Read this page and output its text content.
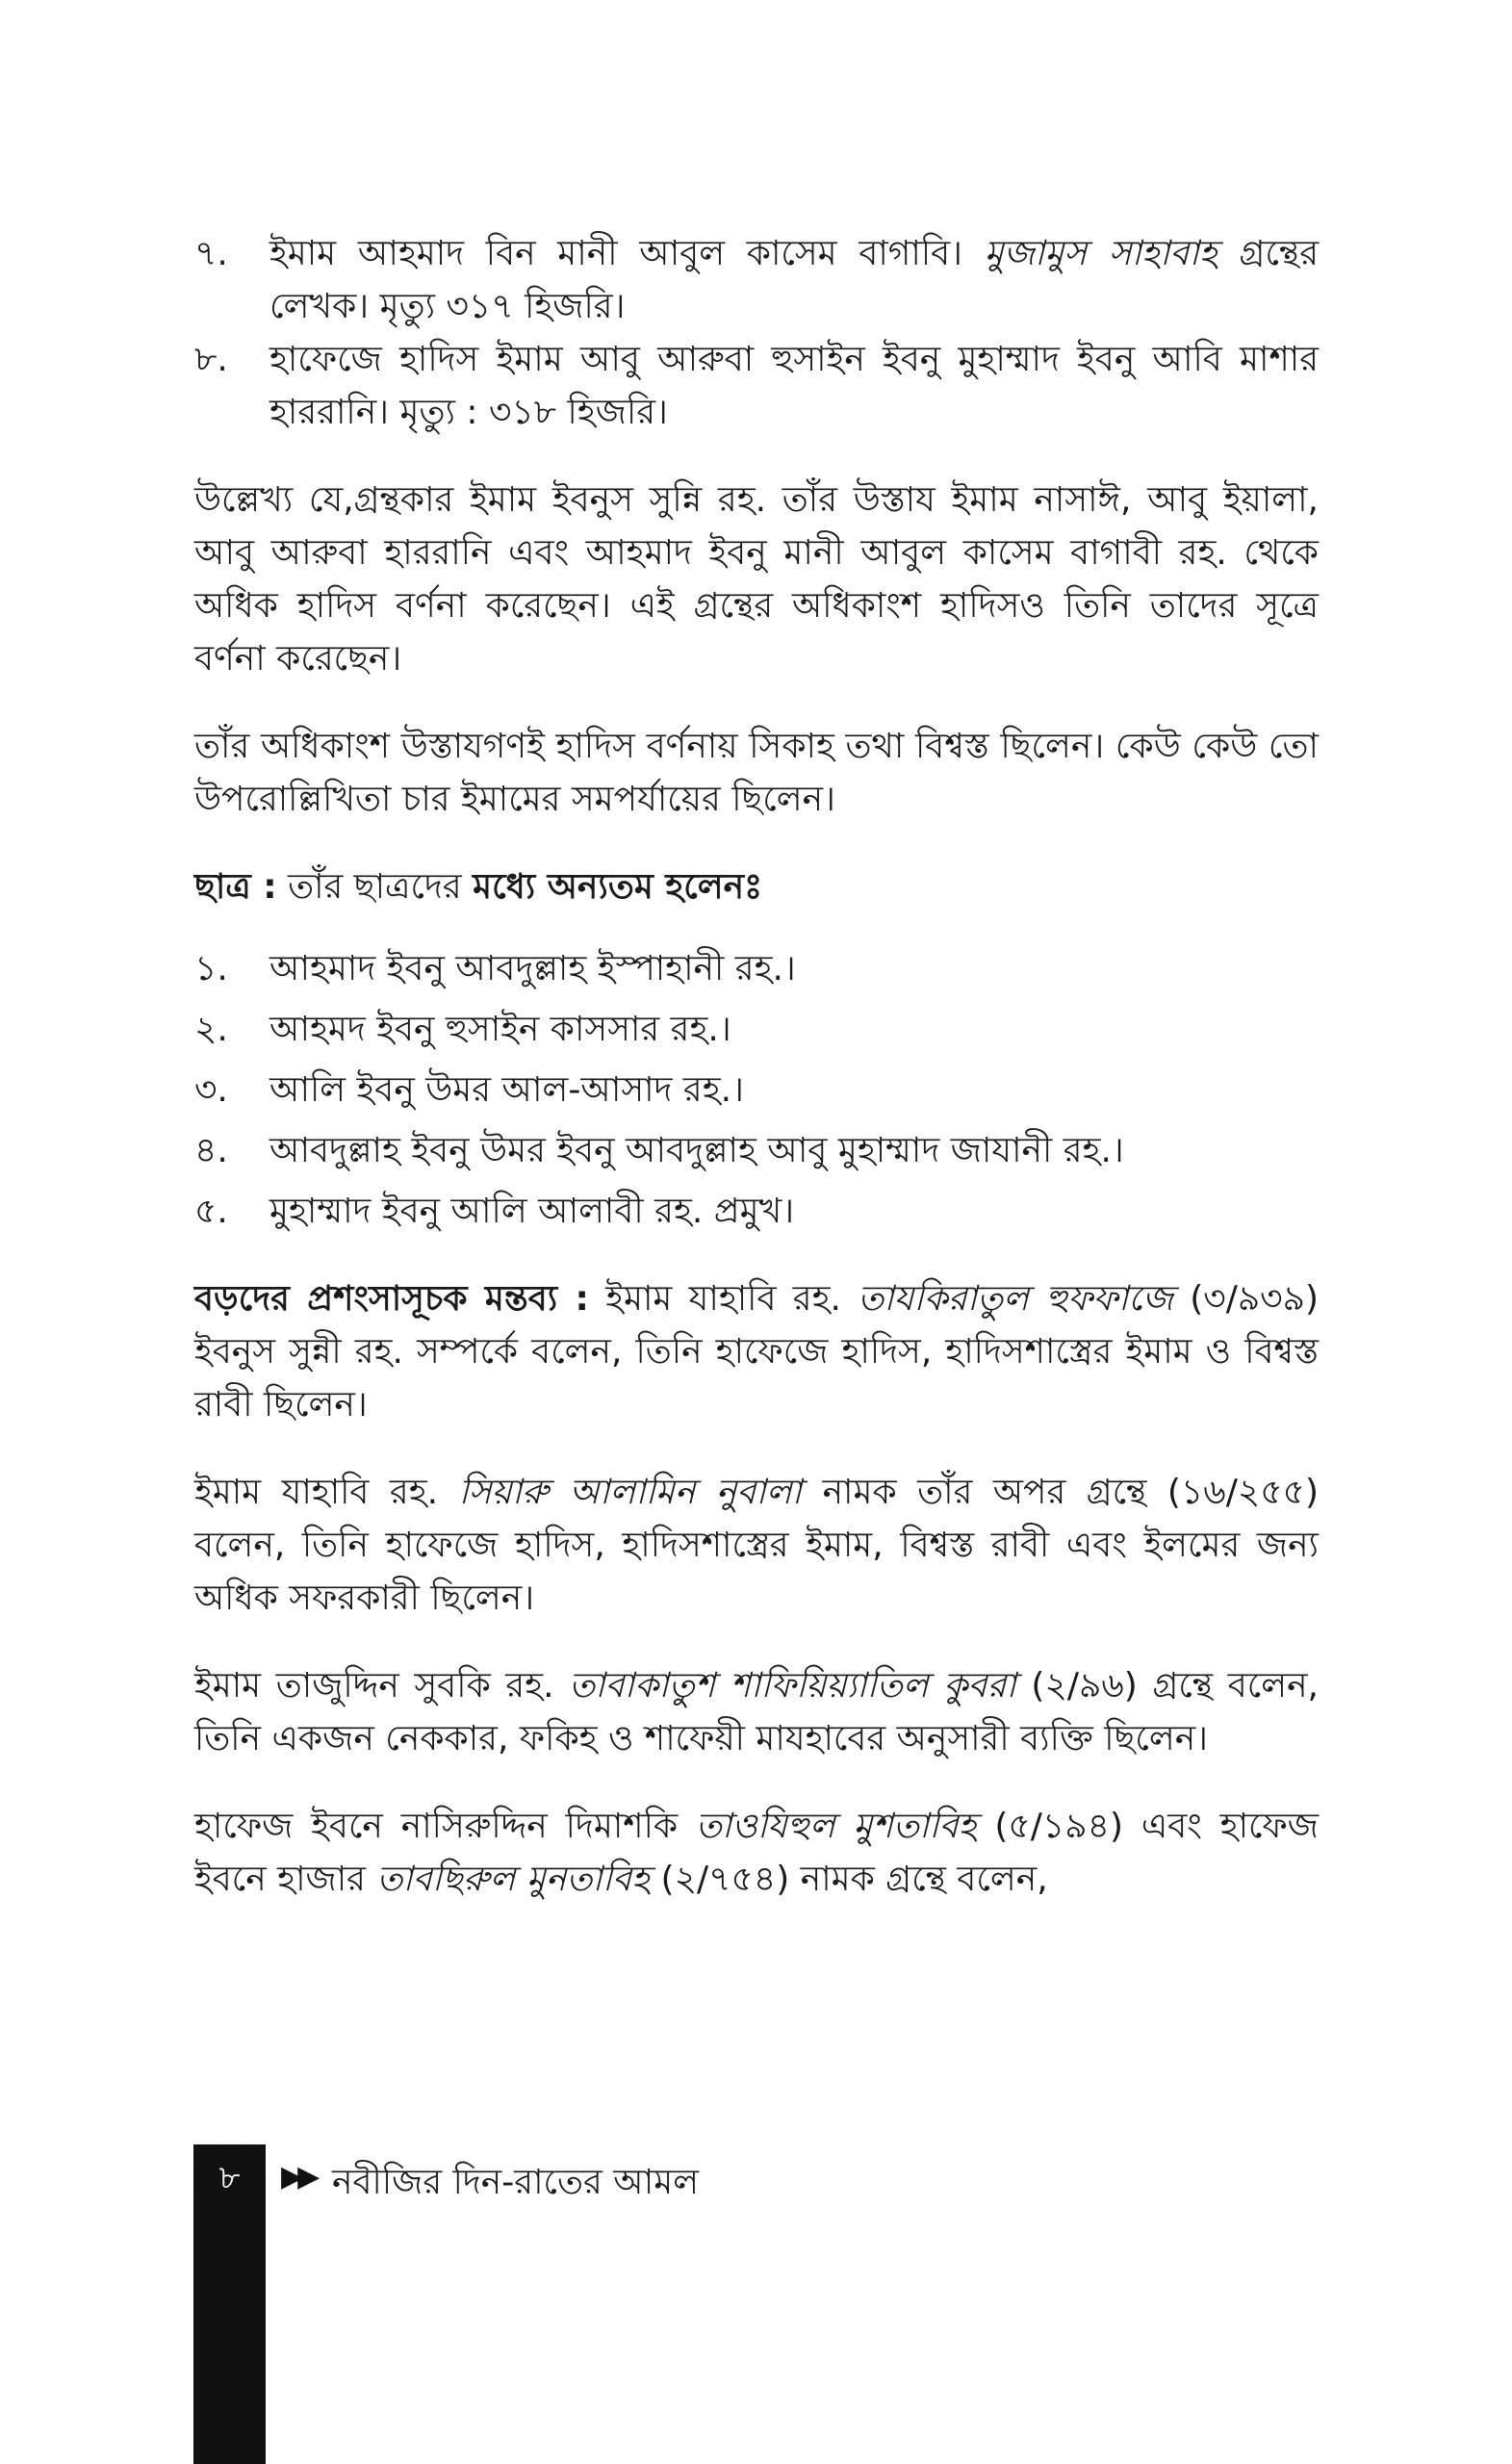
৭.	ইমাম আহমাদ বিন মানী আবুল কাসেম বাগাবি। মুজামুস সাহাবাহ গ্রন্থের লেখক। মৃত্যু ৩১৭ হিজরি।
৮.	হাফেজে হাদিস ইমাম আবু আরুবা হুসাইন ইবনু মুহাম্মাদ ইবনু আবি মাশার হাররানি। মৃত্যু : ৩১৮ হিজরি।

উল্লেখ্য যে,গ্রন্থকার ইমাম ইবনুস সুন্নি রহ. তাঁর উস্তায ইমাম নাসাঈ, আবু ইয়ালা, আবু আরুবা হাররানি এবং আহমাদ ইবনু মানী আবুল কাসেম বাগাবী রহ. থেকে অধিক হাদিস বর্ণনা করেছেন। এই গ্রন্থের অধিকাংশ হাদিসও তিনি তাদের সূত্রে বর্ণনা করেছেন।

তাঁর অধিকাংশ উস্তাযগণই হাদিস বর্ণনায় সিকাহ তথা বিশ্বস্ত ছিলেন। কেউ কেউ তো উপরোল্লিখিতা চার ইমামের সমপর্যায়ের ছিলেন।

ছাত্র : তাঁর ছাত্রদের মধ্যে অন্যতম হলেনঃ

১.	আহমাদ ইবনু আবদুল্লাহ ইস্পাহানী রহ.।
২.	আহমদ ইবনু হুসাইন কাসসার রহ.।
৩.	আলি ইবনু উমর আল-আসাদ রহ.।
৪.	আবদুল্লাহ ইবনু উমর ইবনু আবদুল্লাহ আবু মুহাম্মাদ জাযানী রহ.।
৫.	মুহাম্মাদ ইবনু আলি আলাবী রহ. প্রমুখ।

বড়দের প্রশংসাসূচক মন্তব্য : ইমাম যাহাবি রহ. তাযকিরাতুল হুফফাজে (৩/৯৩৯) ইবনুস সুন্নী রহ. সম্পর্কে বলেন, তিনি হাফেজে হাদিস, হাদিসশাস্ত্রের ইমাম ও বিশ্বস্ত রাবী ছিলেন।

ইমাম যাহাবি রহ. সিয়ারু আলামিন নুবালা নামক তাঁর অপর গ্রন্থে (১৬/২৫৫) বলেন, তিনি হাফেজে হাদিস, হাদিসশাস্ত্রের ইমাম, বিশ্বস্ত রাবী এবং ইলমের জন্য অধিক সফরকারী ছিলেন।

ইমাম তাজুদ্দিন সুবকি রহ. তাবাকাতুশ শাফিয়িয়্যাতিল কুবরা (২/৯৬) গ্রন্থে বলেন, তিনি একজন নেককার, ফকিহ ও শাফেয়ী মাযহাবের অনুসারী ব্যক্তি ছিলেন।

হাফেজ ইবনে নাসিরুদ্দিন দিমাশকি তাওযিহুল মুশতাবিহ (৫/১৯৪) এবং হাফেজ ইবনে হাজার তাবছিরুল মুনতাবিহ (২/৭৫৪) নামক গ্রন্থে বলেন,

৮	▶▶ নবীজির দিন-রাতের আমল
